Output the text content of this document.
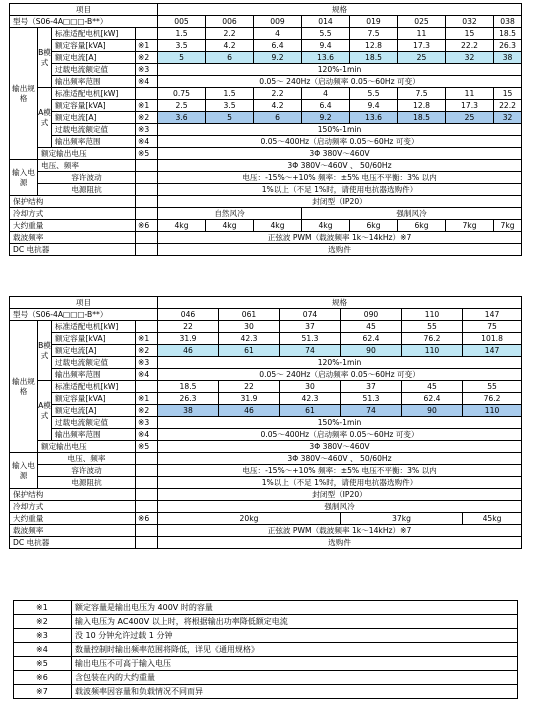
项目				规格							
型号（S06-4A□□□-B**）				005	006	009	014	019	025	032	038
输出规格	B模式	标准适配电机[kW]		1.5	2.2	4	5.5	7.5	11	15	18.5
		额定容量[kVA]	※1	3.5	4.2	6.4	9.4	12.8	17.3	22.2	26.3
		额定电流[A]	※2	5	6	9.2	13.6	18.5	25	32	38
		过载电流额定值	※3	120%-1min							
		输出频率范围	※4	0.05～ 240Hz（启动频率 0.05～60Hz 可变）							
	A模式	标准适配电机[kW]		0.75	1.5	2.2	4	5.5	7.5	11	15
		额定容量[kVA]	※1	2.5	3.5	4.2	6.4	9.4	12.8	17.3	22.2
		额定电流[A]	※2	3.6	5	6	9.2	13.6	18.5	25	32
		过载电流额定值	※3	150%-1min							
		输出频率范围	※4	0.05～400Hz（启动频率 0.05～60Hz 可变）							
	额定输出电压		※5	3Φ 380V～460V							
输入电源	电压、频率			3Φ 380V～460V 、 50/60Hz							
	容许波动			电压：-15%～+10% 频率：±5% 电压不平衡：3% 以内							
	电源阻抗			1%以上（不足 1%时，请使用电抗器选购件）							
保护结构				封闭型（IP20）							
冷却方式				自然风冷			强制风冷				
大约重量			※6	4kg	4kg	4kg	4kg	6kg	6kg	7kg	7kg
载波频率				正弦波 PWM（载波频率 1k～14kHz）※7							
DC 电抗器				选购件							
项目				规格					
型号（S06-4A□□□-B**）				046	061	074	090	110	147
输出规格	B模式	标准适配电机[kW]		22	30	37	45	55	75
		额定容量[kVA]	※1	31.9	42.3	51.3	62.4	76.2	101.8
		额定电流[A]	※2	46	61	74	90	110	147
		过载电流额定值	※3	120%-1min					
		输出频率范围	※4	0.05～ 240Hz（启动频率 0.05～60Hz 可变）					
	A模式	标准适配电机[kW]		18.5	22	30	37	45	55
		额定容量[kVA]	※1	26.3	31.9	42.3	51.3	62.4	76.2
		额定电流[A]	※2	38	46	61	74	90	110
		过载电流额定值	※3	150%-1min					
		输出频率范围	※4	0.05～400Hz（启动频率 0.05～60Hz 可变）					
	额定输出电压		※5	3Φ 380V～460V					
输入电源	电压、频率			3Φ 380V～460V 、 50/60Hz					
	容许波动			电压：-15%～+10% 频率：±5% 电压不平衡：3% 以内					
	电源阻抗			1%以上（不足 1%时，请使用电抗器选购件）					
保护结构				封闭型（IP20）					
冷却方式				强制风冷					
大约重量			※6	20kg			37kg		45kg
载波频率				正弦波 PWM（载波频率 1k～14kHz）※7					
DC 电抗器				选购件					
※1	额定容量是输出电压为 400V 时的容量
※2	输入电压为 AC400V 以上时，将根据输出功率降低额定电流
※3	没 10 分钟允许过载 1 分钟
※4	数量控制时输出频率范围将降低，详见《通用规格》
※5	输出电压不可高于输入电压
※6	含包装在内的大约重量
※7	载波频率因容量和负载情况不同而异
